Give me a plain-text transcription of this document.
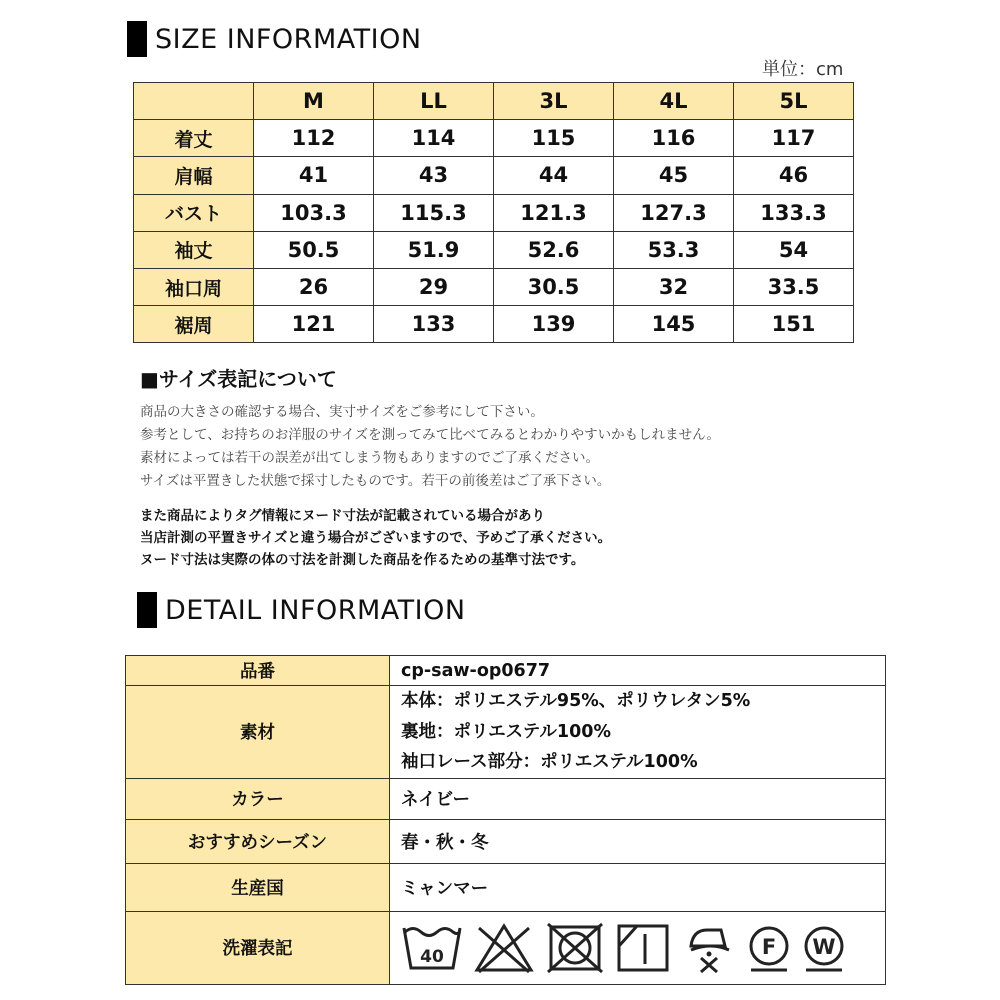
SIZE INFORMATION
単位：cm
	M	LL	3L	4L	5L
着丈	112	114	115	116	117
肩幅	41	43	44	45	46
バスト	103.3	115.3	121.3	127.3	133.3
袖丈	50.5	51.9	52.6	53.3	54
袖口周	26	29	30.5	32	33.5
裾周	121	133	139	145	151
■サイズ表記について
商品の大きさの確認する場合、実寸サイズをご参考にして下さい。
参考として、お持ちのお洋服のサイズを測ってみて比べてみるとわかりやすいかもしれません。
素材によっては若干の誤差が出てしまう物もありますのでご了承ください。
サイズは平置きした状態で採寸したものです。若干の前後差はご了承下さい。
また商品によりタグ情報にヌード寸法が記載されている場合があり
当店計測の平置きサイズと違う場合がございますので、予めご了承ください。
ヌード寸法は実際の体の寸法を計測した商品を作るための基準寸法です。
DETAIL INFORMATION
品番	cp-saw-op0677
素材	本体：ポリエステル95%、ポリウレタン5%
裏地：ポリエステル100%
袖口レース部分：ポリエステル100%

カラー	ネイビー
おすすめシーズン	春・秋・冬
生産国	ミャンマー
洗濯表記	40 F W
